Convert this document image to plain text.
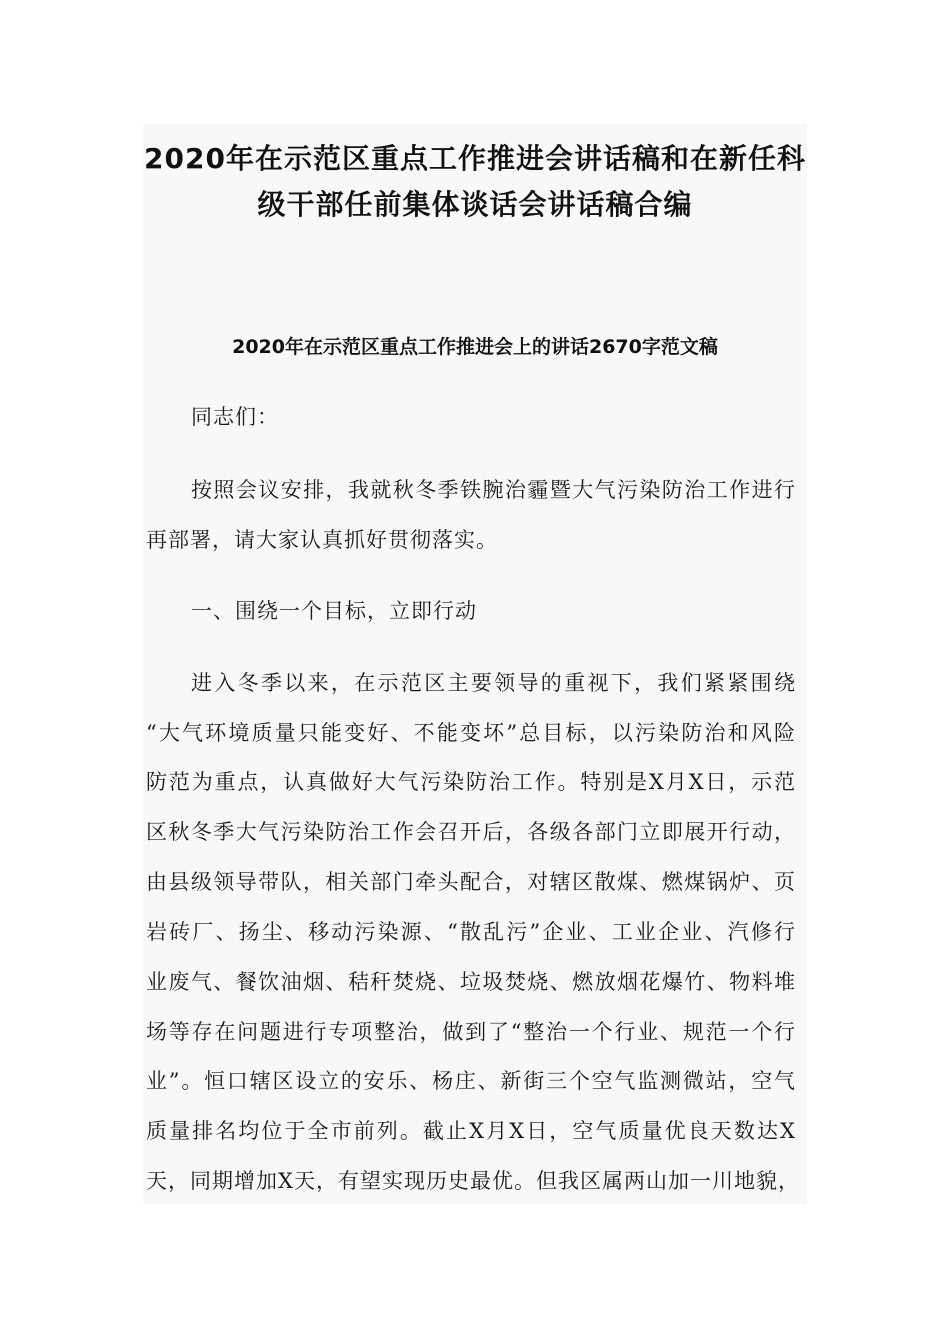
2020年在示范区重点工作推进会讲话稿和在新任科
级干部任前集体谈话会讲话稿合编
2020年在示范区重点工作推进会上的讲话2670字范文稿
同志们：
按照会议安排，我就秋冬季铁腕治霾暨大气污染防治工作进行
再部署，请大家认真抓好贯彻落实。
一、围绕一个目标，立即行动
进入冬季以来，在示范区主要领导的重视下，我们紧紧围绕
“大气环境质量只能变好、不能变坏”总目标，以污染防治和风险
防范为重点，认真做好大气污染防治工作。特别是X月X日，示范
区秋冬季大气污染防治工作会召开后，各级各部门立即展开行动，
由县级领导带队，相关部门牵头配合，对辖区散煤、燃煤锅炉、页
岩砖厂、扬尘、移动污染源、“散乱污”企业、工业企业、汽修行
业废气、餐饮油烟、秸秆焚烧、垃圾焚烧、燃放烟花爆竹、物料堆
场等存在问题进行专项整治，做到了“整治一个行业、规范一个行
业”。恒口辖区设立的安乐、杨庄、新街三个空气监测微站，空气
质量排名均位于全市前列。截止X月X日，空气质量优良天数达X
天，同期增加X天，有望实现历史最优。但我区属两山加一川地貌，
